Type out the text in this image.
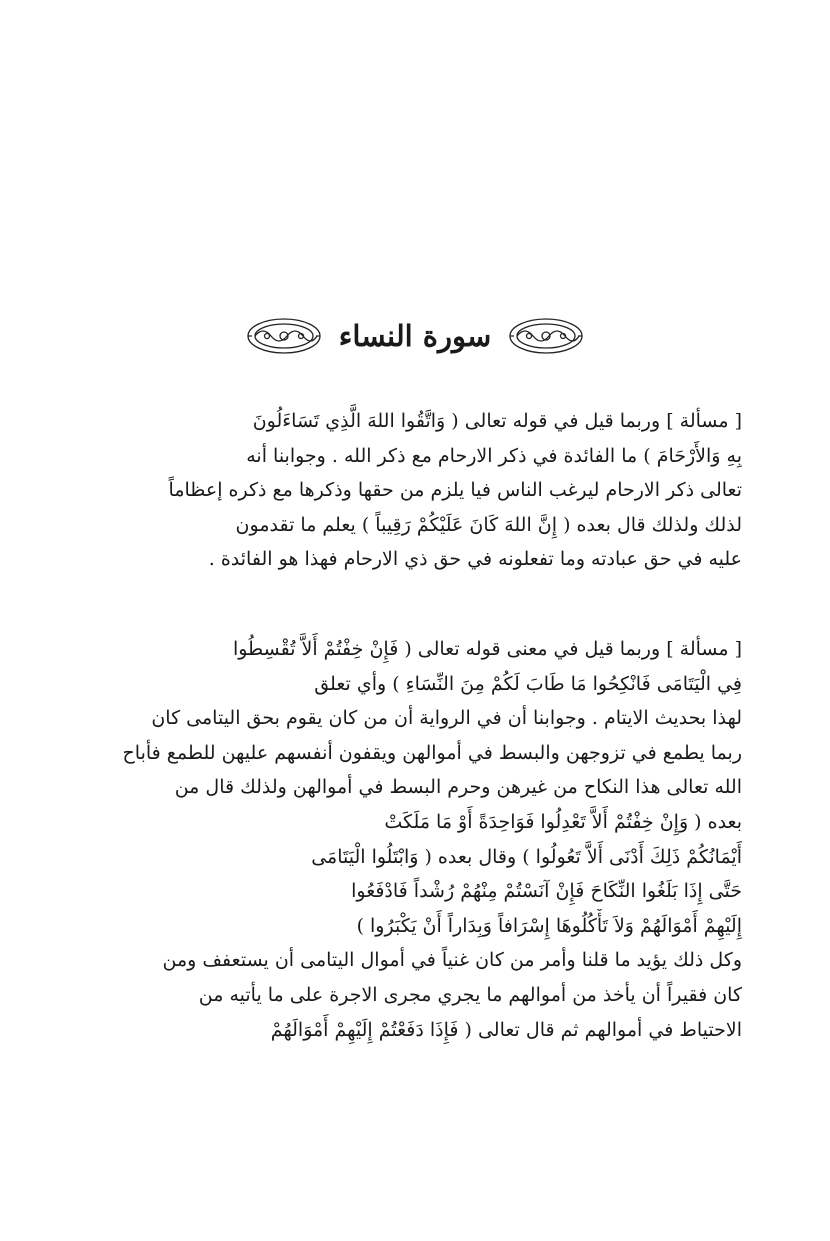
سورة النساء
[ مسألة ] وربما قيل في قوله تعالى ( وَاتَّقُوا اللهَ الَّذِي تَسَاءَلُونَ
بِهِ وَالأَرْحَامَ ) ما الفائدة في ذكر الارحام مع ذكر الله . وجوابنا أنه
تعالى ذكر الارحام ليرغب الناس فيا يلزم من حقها وذكرها مع ذكره إعظاماً
لذلك ولذلك قال بعده ( إِنَّ اللهَ كَانَ عَلَيْكُمْ رَقِيباً ) يعلم ما تقدمون
عليه في حق عبادته وما تفعلونه في حق ذي الارحام فهذا هو الفائدة .
[ مسألة ] وربما قيل في معنى قوله تعالى ( فَإِنْ خِفْتُمْ أَلاَّ تُقْسِطُوا
فِي الْيَتَامَى فَانْكِحُوا مَا طَابَ لَكُمْ مِنَ النِّسَاءِ ) وأي تعلق
لهذا بحديث الايتام . وجوابنا أن في الرواية أن من كان يقوم بحق اليتامى كان
ربما يطمع في تزوجهن والبسط في أموالهن ويقفون أنفسهم عليهن للطمع فأباح
الله تعالى هذا النكاح من غيرهن وحرم البسط في أموالهن ولذلك قال من
بعده ( وَإِنْ خِفْتُمْ أَلاَّ تَعْدِلُوا فَوَاحِدَةً أَوْ مَا مَلَكَتْ
أَيْمَانُكُمْ ذَلِكَ أَدْنَى أَلاَّ تَعُولُوا ) وقال بعده ( وَابْتَلُوا الْيَتَامَى
حَتَّى إِذَا بَلَغُوا النِّكَاحَ فَإِنْ آنَسْتُمْ مِنْهُمْ رُشْداً فَادْفَعُوا
إِلَيْهِمْ أَمْوَالَهُمْ وَلاَ تَأْكُلُوهَا إِسْرَافاً وَبِدَاراً أَنْ يَكْبَرُوا )
وكل ذلك يؤيد ما قلنا وأمر من كان غنياً في أموال اليتامى أن يستعفف ومن
كان فقيراً أن يأخذ من أموالهم ما يجري مجرى الاجرة على ما يأتيه من
الاحتياط في أموالهم ثم قال تعالى ( فَإِذَا دَفَعْتُمْ إِلَيْهِمْ أَمْوَالَهُمْ
